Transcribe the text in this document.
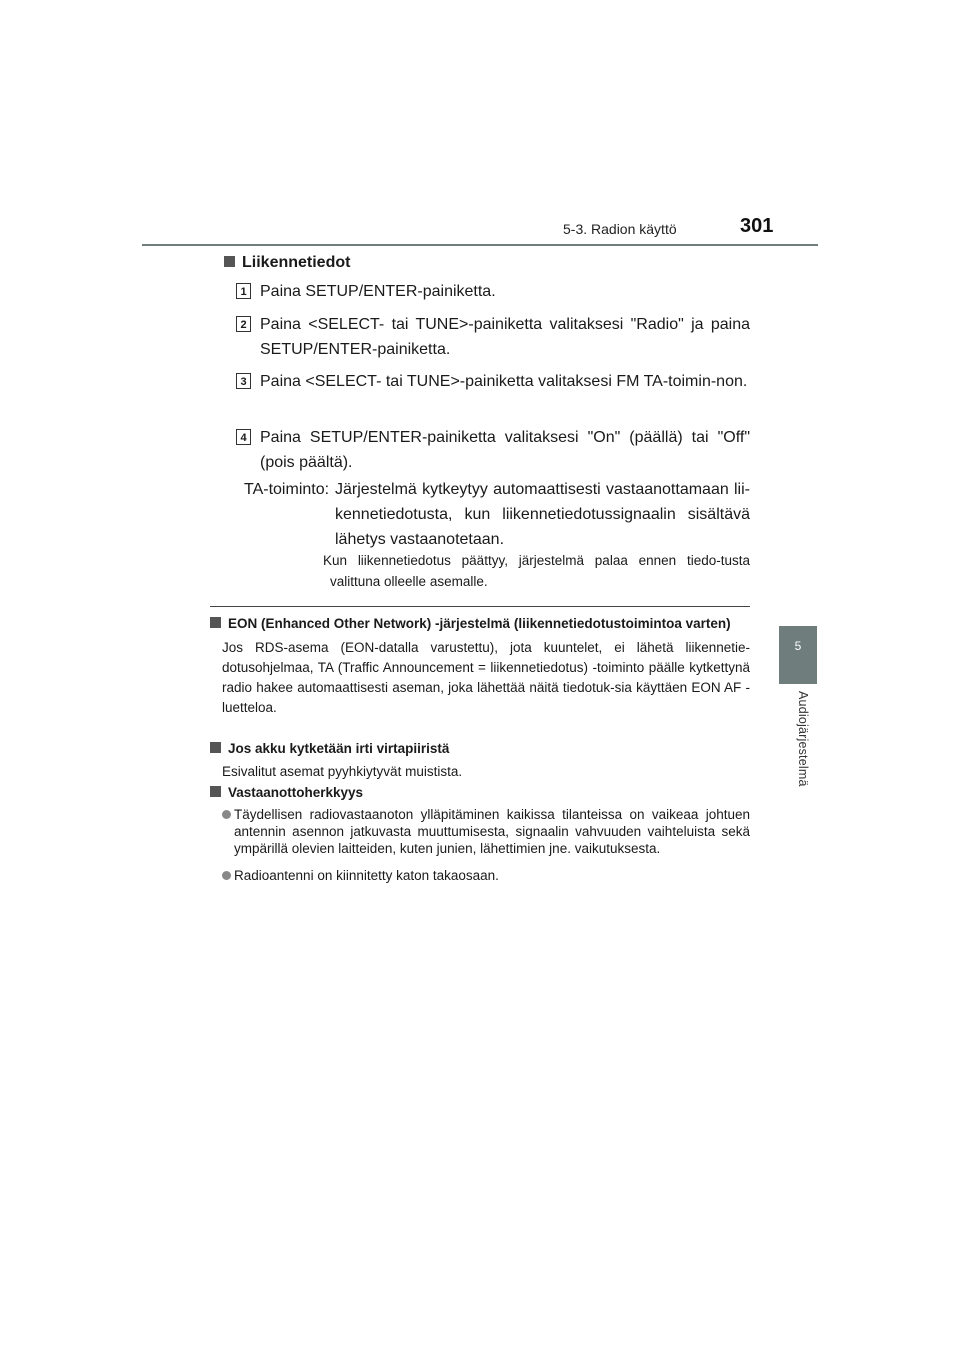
5-3. Radion käyttö	301
5
Audiojärjestelmä
Liikennetiedot
1 Paina SETUP/ENTER-painiketta.
2 Paina <SELECT- tai TUNE>-painiketta valitaksesi "Radio" ja paina SETUP/ENTER-painiketta.
3 Paina <SELECT- tai TUNE>-painiketta valitaksesi FM TA-toimin-non.
4 Paina SETUP/ENTER-painiketta valitaksesi "On" (päällä) tai "Off" (pois päältä).
TA-toiminto: Järjestelmä kytkeytyy automaattisesti vastaanottamaan lii-kennetiedotusta, kun liikennetiedotussignaalin sisältävä lähetys vastaanotetaan.
Kun liikennetiedotus päättyy, järjestelmä palaa ennen tiedo-tusta valittuna olleelle asemalle.
EON (Enhanced Other Network) -järjestelmä (liikennetiedotustoimintoa varten)
Jos RDS-asema (EON-datalla varustettu), jota kuuntelet, ei lähetä liikennetie-dotusohjelmaa, TA (Traffic Announcement = liikennetiedotus) -toiminto päälle kytkettynä radio hakee automaattisesti aseman, joka lähettää näitä tiedotuk-sia käyttäen EON AF -luetteloa.
Jos akku kytketään irti virtapiiristä
Esivalitut asemat pyyhkiytyvät muistista.
Vastaanottoherkkyys
Täydellisen radiovastaanoton ylläpitäminen kaikissa tilanteissa on vaikeaa johtuen antennin asennon jatkuvasta muuttumisesta, signaalin vahvuuden vaihteluista sekä ympärillä olevien laitteiden, kuten junien, lähettimien jne. vaikutuksesta.
Radioantenni on kiinnitetty katon takaosaan.
